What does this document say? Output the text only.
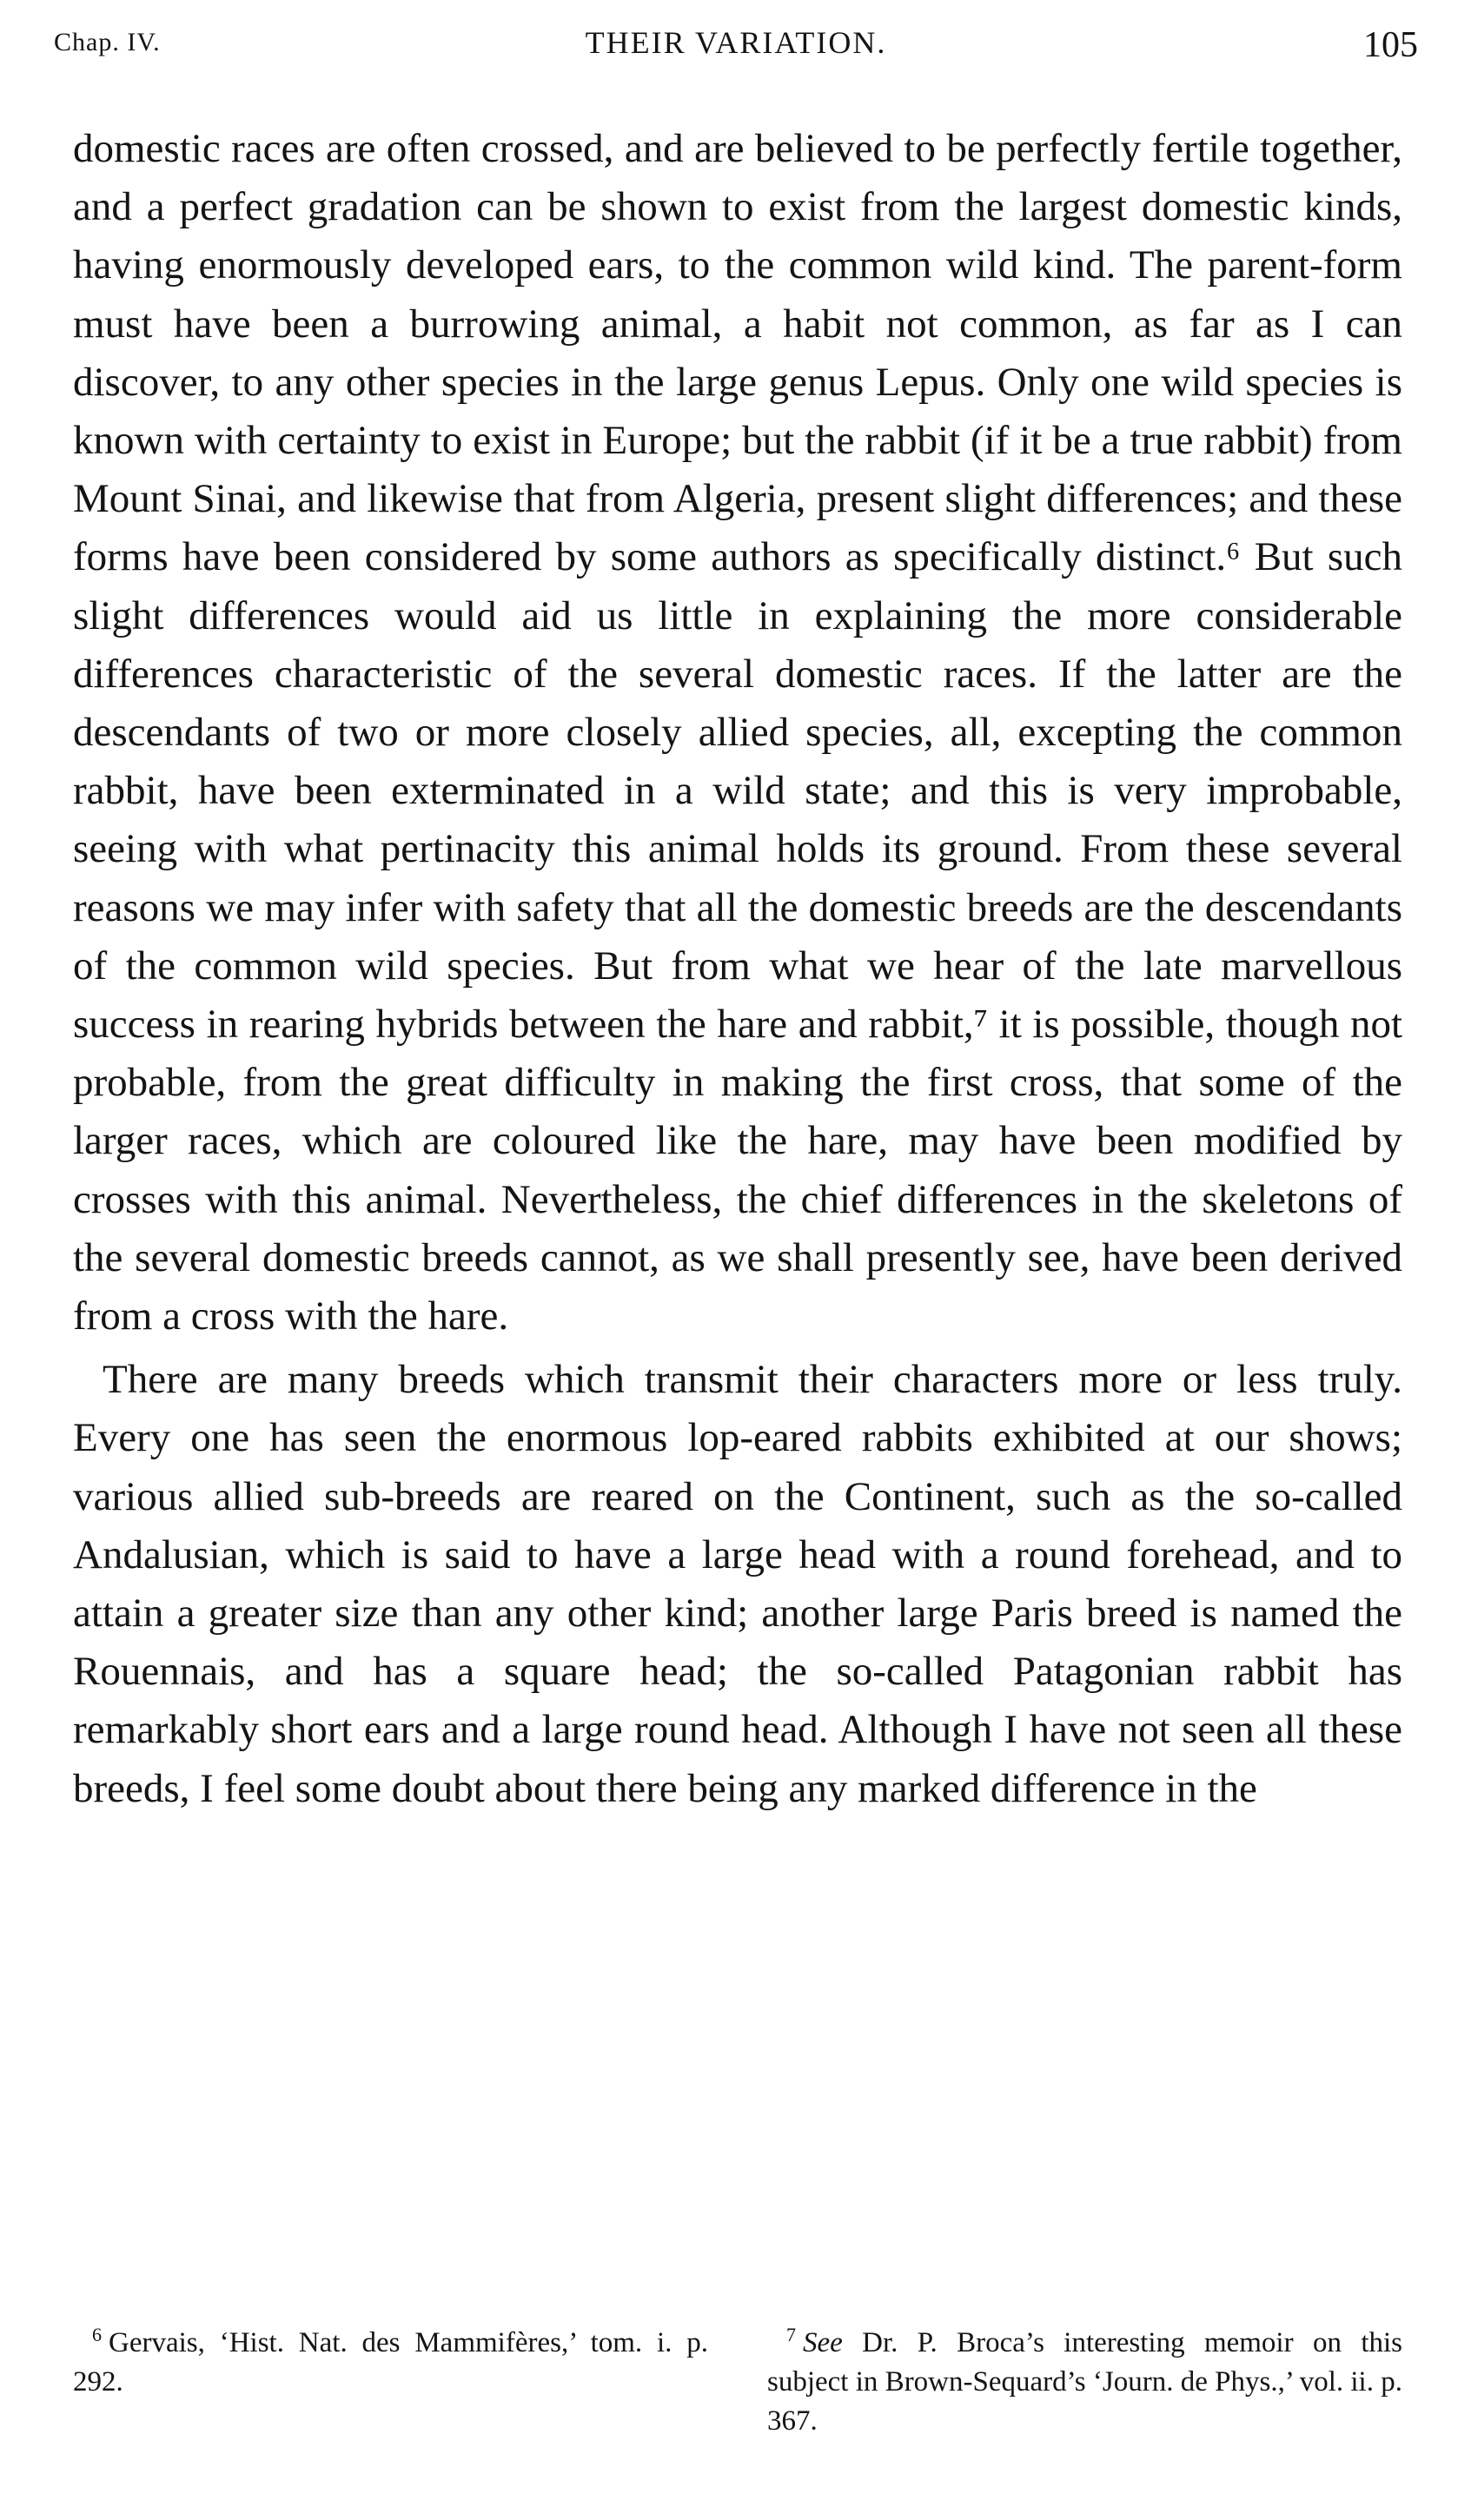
Chap. IV.	THEIR VARIATION.	105

domestic races are often crossed, and are believed to be perfectly fertile together, and a perfect gradation can be shown to exist from the largest domestic kinds, having enormously developed ears, to the common wild kind. The parent-form must have been a burrowing animal, a habit not common, as far as I can discover, to any other species in the large genus Lepus. Only one wild species is known with certainty to exist in Europe; but the rabbit (if it be a true rabbit) from Mount Sinai, and likewise that from Algeria, present slight differences; and these forms have been considered by some authors as specifically distinct.⁶ But such slight differences would aid us little in explaining the more considerable differences characteristic of the several domestic races. If the latter are the descendants of two or more closely allied species, all, excepting the common rabbit, have been exterminated in a wild state; and this is very improbable, seeing with what pertinacity this animal holds its ground. From these several reasons we may infer with safety that all the domestic breeds are the descendants of the common wild species. But from what we hear of the late marvellous success in rearing hybrids between the hare and rabbit,⁷ it is possible, though not probable, from the great difficulty in making the first cross, that some of the larger races, which are coloured like the hare, may have been modified by crosses with this animal. Nevertheless, the chief differences in the skeletons of the several domestic breeds cannot, as we shall presently see, have been derived from a cross with the hare.

There are many breeds which transmit their characters more or less truly. Every one has seen the enormous lop-eared rabbits exhibited at our shows; various allied sub-breeds are reared on the Continent, such as the so-called Andalusian, which is said to have a large head with a round forehead, and to attain a greater size than any other kind; another large Paris breed is named the Rouennais, and has a square head; the so-called Patagonian rabbit has remarkably short ears and a large round head. Although I have not seen all these breeds, I feel some doubt about there being any marked difference in the

$^6$ Gervais, ‘Hist. Nat. des Mammifères,’ tom. i. p. 292.

$^7$ See Dr. P. Broca’s interesting memoir on this subject in Brown-Sequard’s ‘Journ. de Phys.,’ vol. ii. p. 367.
